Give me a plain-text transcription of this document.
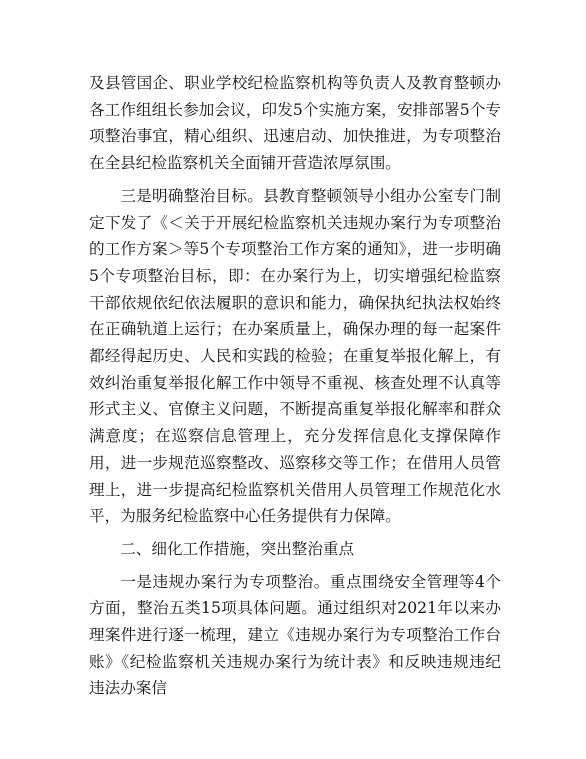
及县管国企、职业学校纪检监察机构等负责人及教育整顿办各工作组组长参加会议，印发5个实施方案，安排部署5个专项整治事宜，精心组织、迅速启动、加快推进，为专项整治在全县纪检监察机关全面铺开营造浓厚氛围。

三是明确整治目标。县教育整顿领导小组办公室专门制定下发了《＜关于开展纪检监察机关违规办案行为专项整治的工作方案＞等5个专项整治工作方案的通知》，进一步明确5个专项整治目标，即：在办案行为上，切实增强纪检监察干部依规依纪依法履职的意识和能力，确保执纪执法权始终在正确轨道上运行；在办案质量上，确保办理的每一起案件都经得起历史、人民和实践的检验；在重复举报化解上，有效纠治重复举报化解工作中领导不重视、核查处理不认真等形式主义、官僚主义问题，不断提高重复举报化解率和群众满意度；在巡察信息管理上，充分发挥信息化支撑保障作用，进一步规范巡察整改、巡察移交等工作；在借用人员管理上，进一步提高纪检监察机关借用人员管理工作规范化水平，为服务纪检监察中心任务提供有力保障。

二、细化工作措施，突出整治重点

一是违规办案行为专项整治。重点围绕安全管理等4个方面，整治五类15项具体问题。通过组织对2021年以来办理案件进行逐一梳理，建立《违规办案行为专项整治工作台账》《纪检监察机关违规办案行为统计表》和反映违规违纪违法办案信
